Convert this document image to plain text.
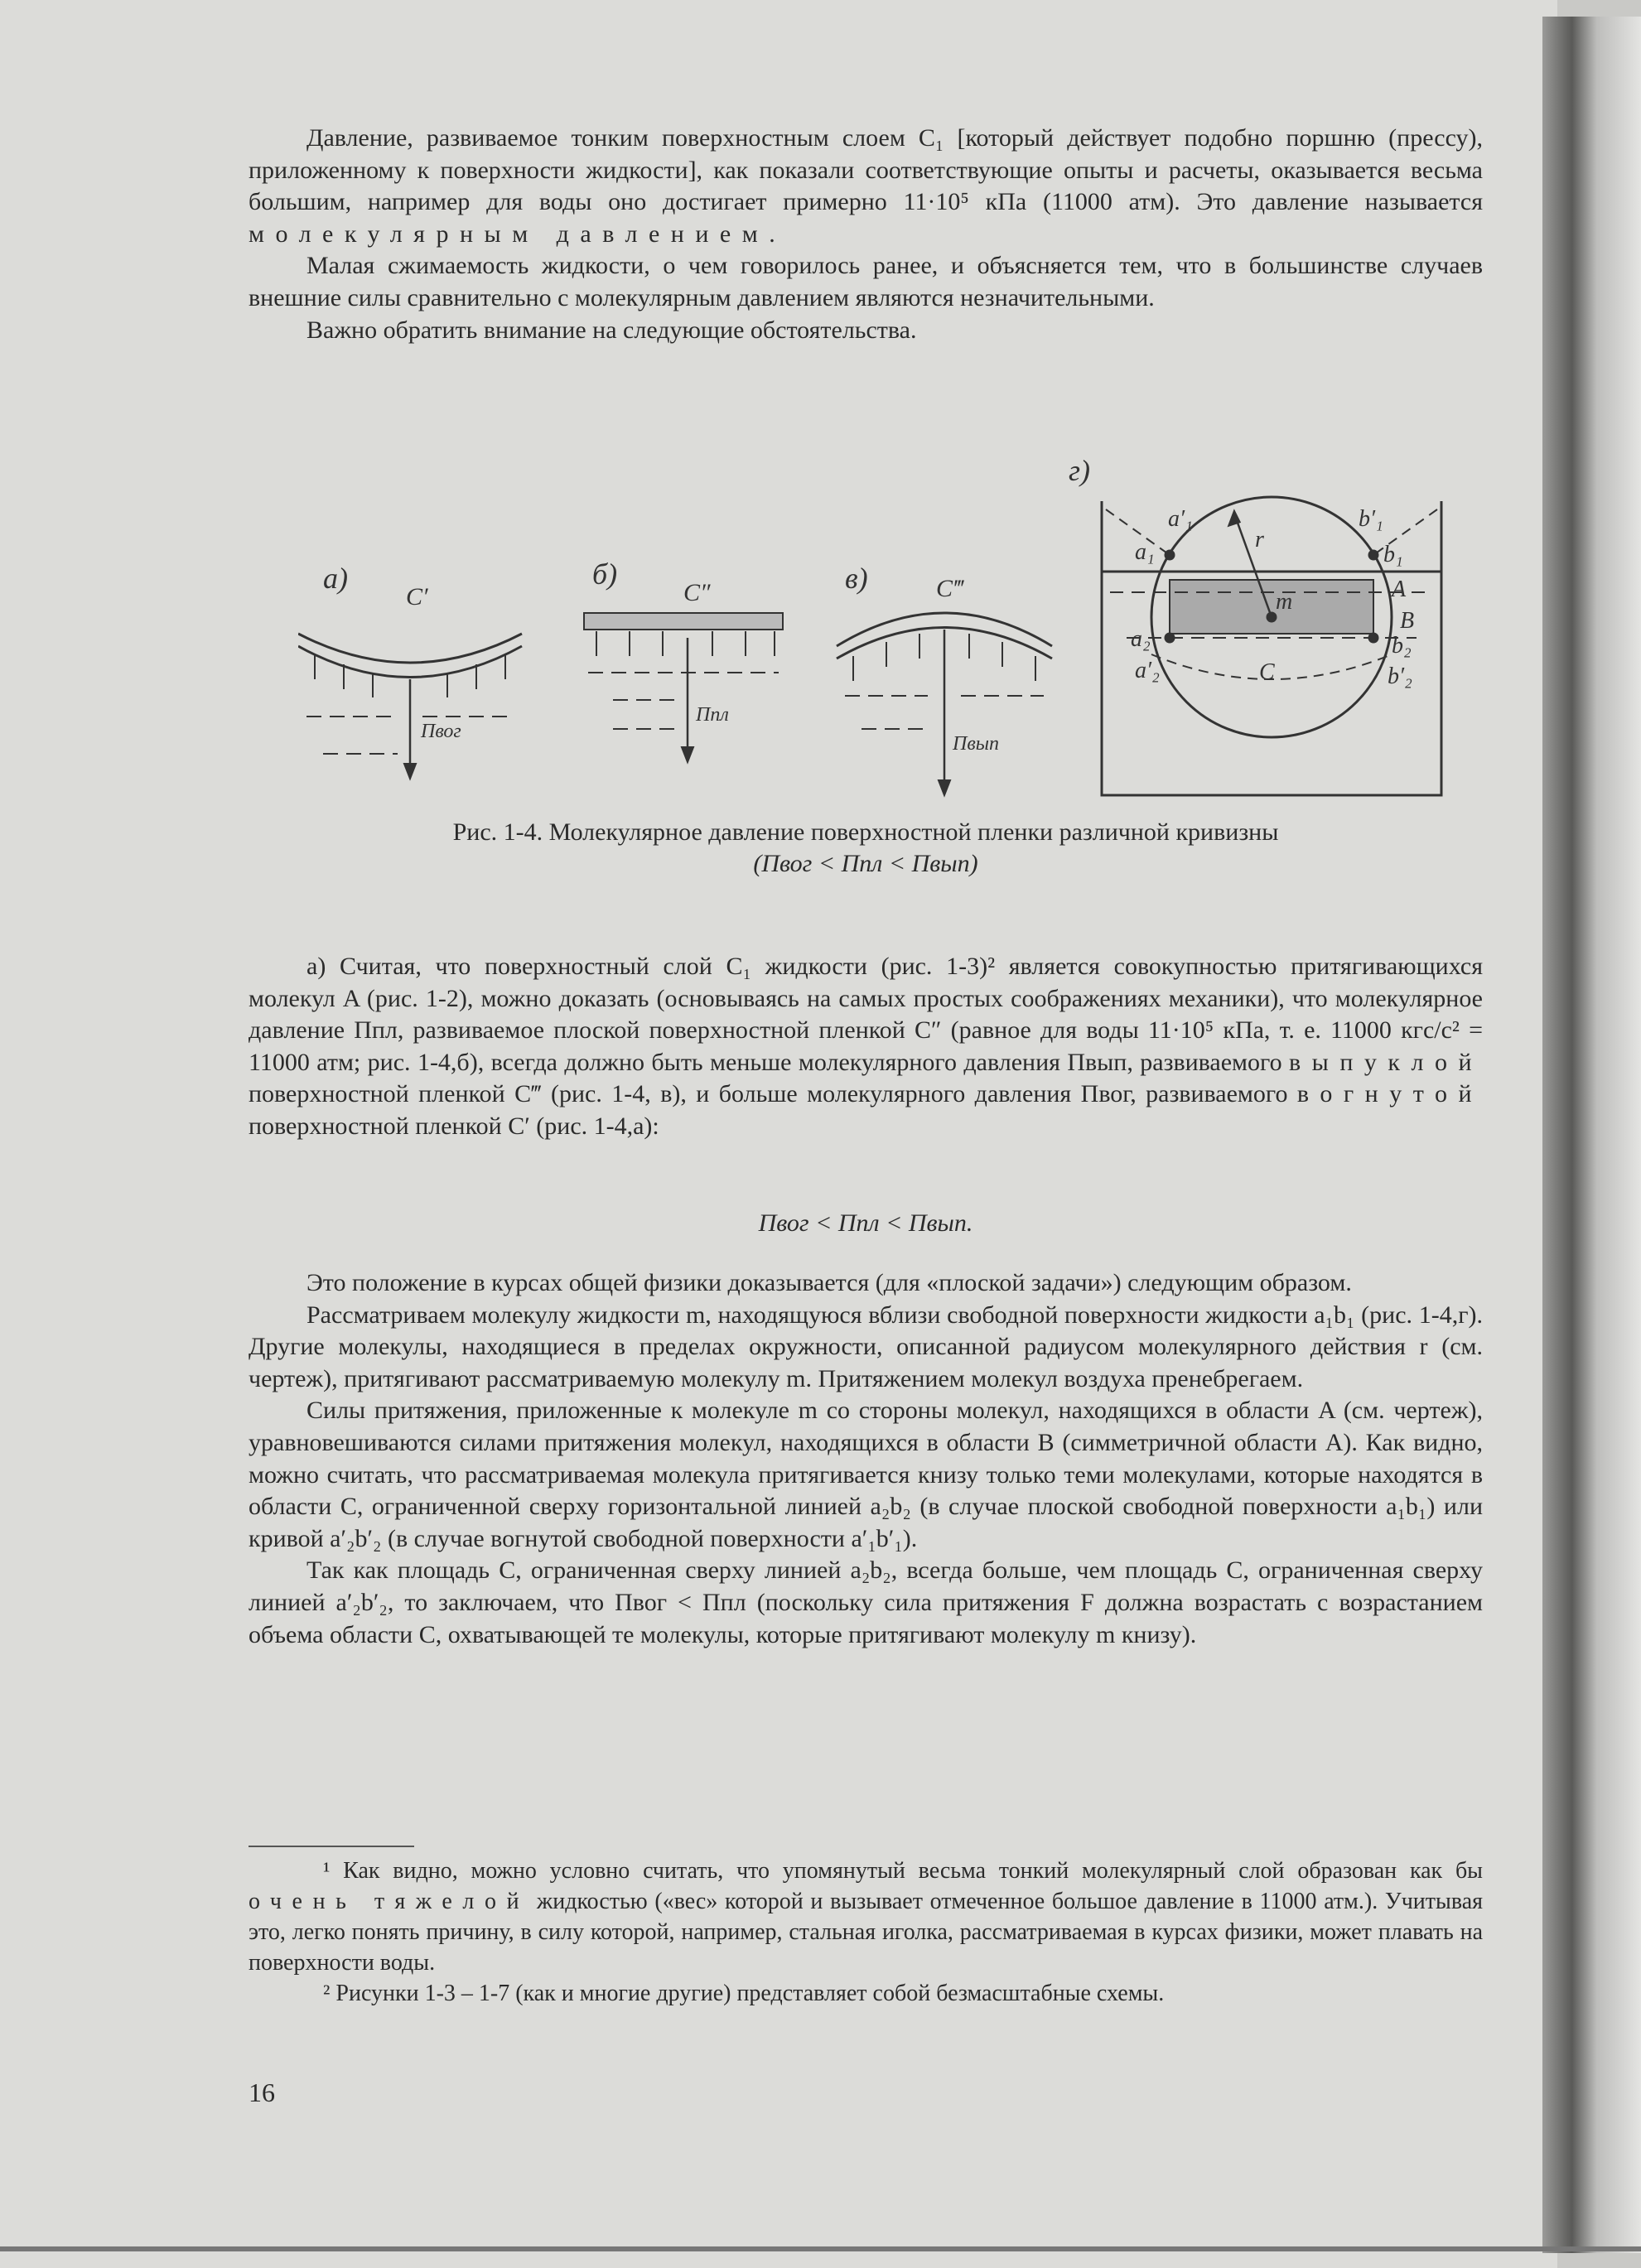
Давление, развиваемое тонким поверхностным слоем C₁ [который действует подобно поршню (прессу), приложенному к поверхности жидкости], как показали соответствующие опыты и расчеты, оказывается весьма большим, например для воды оно достигает примерно 11·10⁵ кПа (11000 атм). Это давление называется молекулярным давлением.

Малая сжимаемость жидкости, о чем говорилось ранее, и объясняется тем, что в большинстве случаев внешние силы сравнительно с молекулярным давлением являются незначительными.

Важно обратить внимание на следующие обстоятельства.

а)
C′
Пвог
б)
C″
Ппл
в)	C‴
Пвып
г)
a′₁	b′₁
a₁	b₁
r
m	A
B
a₂	b₂
a′₂	b′₂
C
Рис. 1-4. Молекулярное давление поверхностной пленки различной кривизны
(Пвог < Ппл < Пвып)

а) Считая, что поверхностный слой C₁ жидкости (рис. 1-3)² является совокупностью притягивающихся молекул A (рис. 1-2), можно доказать (основываясь на самых простых соображениях механики), что молекулярное давление Ппл, развиваемое плоской поверхностной пленкой C″ (равное для воды 11·10⁵ кПа, т. е. 11000 кгс/с² = 11000 атм; рис. 1-4,б), всегда должно быть меньше молекулярного давления Пвып, развиваемого выпуклой поверхностной пленкой C‴ (рис. 1-4, в), и больше молекулярного давления Пвог, развиваемого вогнутой поверхностной пленкой C′ (рис. 1-4,а):

Пвог < Ппл < Пвып.

Это положение в курсах общей физики доказывается (для «плоской задачи») следующим образом.

Рассматриваем молекулу жидкости m, находящуюся вблизи свободной поверхности жидкости a₁b₁ (рис. 1-4,г). Другие молекулы, находящиеся в пределах окружности, описанной радиусом молекулярного действия r (см. чертеж), притягивают рассматриваемую молекулу m. Притяжением молекул воздуха пренебрегаем.

Силы притяжения, приложенные к молекуле m со стороны молекул, находящихся в области A (см. чертеж), уравновешиваются силами притяжения молекул, находящихся в области B (симметричной области A). Как видно, можно считать, что рассматриваемая молекула притягивается книзу только теми молекулами, которые находятся в области C, ограниченной сверху горизонтальной линией a₂b₂ (в случае плоской свободной поверхности a₁b₁) или кривой a′₂b′₂ (в случае вогнутой свободной поверхности a′₁b′₁).

Так как площадь C, ограниченная сверху линией a₂b₂, всегда больше, чем площадь C, ограниченная сверху линией a′₂b′₂, то заключаем, что Пвог < Ппл (поскольку сила притяжения F должна возрастать с возрастанием объема области C, охватывающей те молекулы, которые притягивают молекулу m книзу).

¹ Как видно, можно условно считать, что упомянутый весьма тонкий молекулярный слой образован как бы очень тяжелой жидкостью («вес» которой и вызывает отмеченное большое давление в 11000 атм.). Учитывая это, легко понять причину, в силу которой, например, стальная иголка, рассматриваемая в курсах физики, может плавать на поверхности воды.

² Рисунки 1-3 – 1-7 (как и многие другие) представляет собой безмасштабные схемы.

16
